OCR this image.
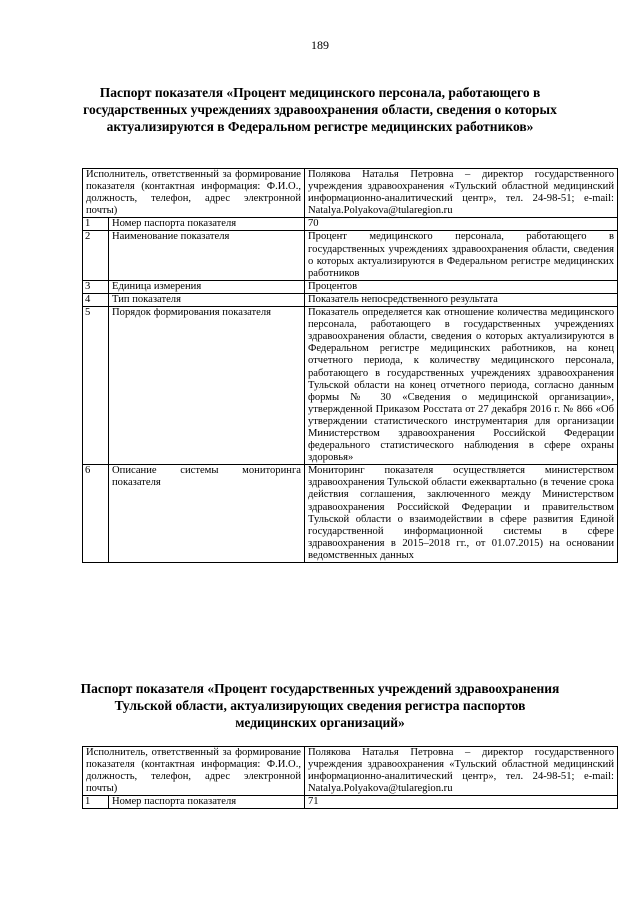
189
Паспорт показателя «Процент медицинского персонала, работающего в государственных учреждениях здравоохранения области, сведения о которых актуализируются в Федеральном регистре медицинских работников»
Исполнитель, ответственный за формирование показателя (контактная информация: Ф.И.О., должность, телефон, адрес электронной почты)		Полякова Наталья Петровна – директор государственного учреждения здравоохранения «Тульский областной медицинский информационно-аналитический центр», тел. 24-98-51; e-mail: Natalya.Polyakova@tularegion.ru
1	Номер паспорта показателя	70
2	Наименование показателя	Процент медицинского персонала, работающего в государственных учреждениях здравоохранения области, сведения о которых актуализируются в Федеральном регистре медицинских работников
3	Единица измерения	Процентов
4	Тип показателя	Показатель непосредственного результата
5	Порядок формирования показателя	Показатель определяется как отношение количества медицинского персонала, работающего в государственных учреждениях здравоохранения области, сведения о которых актуализируются в Федеральном регистре медицинских работников, на конец отчетного периода, к количеству медицинского персонала, работающего в государственных учреждениях здравоохранения Тульской области на конец отчетного периода, согласно данным формы № 30 «Сведения о медицинской организации», утвержденной Приказом Росстата от 27 декабря 2016 г. № 866 «Об утверждении статистического инструментария для организации Министерством здравоохранения Российской Федерации федерального статистического наблюдения в сфере охраны здоровья»
6	Описание системы мониторинга показателя	Мониторинг показателя осуществляется министерством здравоохранения Тульской области ежеквартально (в течение срока действия соглашения, заключенного между Министерством здравоохранения Российской Федерации и правительством Тульской области о взаимодействии в сфере развития Единой государственной информационной системы в сфере здравоохранения в 2015–2018 гг., от 01.07.2015) на основании ведомственных данных
Паспорт показателя «Процент государственных учреждений здравоохранения Тульской области, актуализирующих сведения регистра паспортов медицинских организаций»
Исполнитель, ответственный за формирование показателя (контактная информация: Ф.И.О., должность, телефон, адрес электронной почты)		Полякова Наталья Петровна – директор государственного учреждения здравоохранения «Тульский областной медицинский информационно-аналитический центр», тел. 24-98-51; e-mail: Natalya.Polyakova@tularegion.ru
1	Номер паспорта показателя	71
